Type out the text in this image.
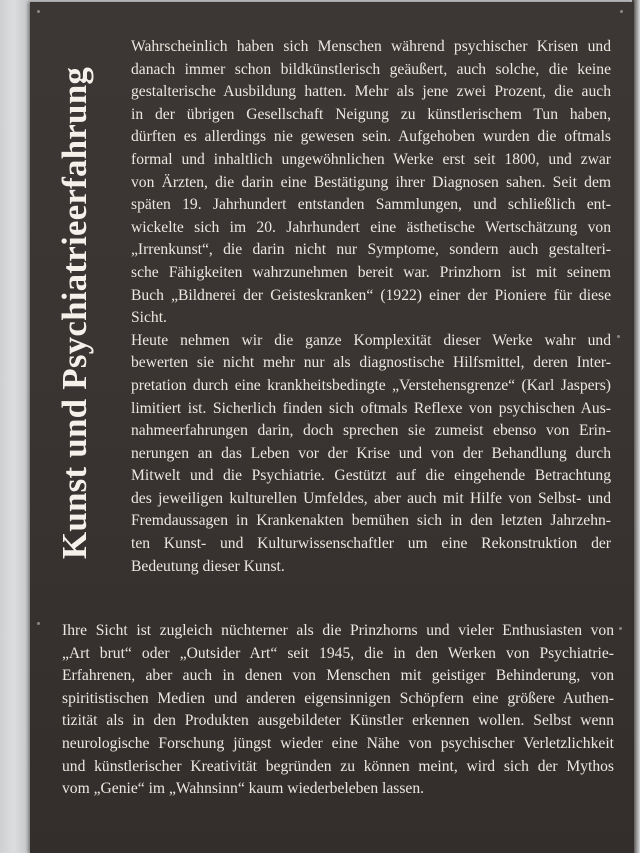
Kunst und Psychiatrieerfahrung
Wahrscheinlich haben sich Menschen während psychischer Krisen und
danach immer schon bildkünstlerisch geäußert, auch solche, die keine
gestalterische Ausbildung hatten. Mehr als jene zwei Prozent, die auch
in der übrigen Gesellschaft Neigung zu künstlerischem Tun haben,
dürften es allerdings nie gewesen sein. Aufgehoben wurden die oftmals
formal und inhaltlich ungewöhnlichen Werke erst seit 1800, und zwar
von Ärzten, die darin eine Bestätigung ihrer Diagnosen sahen. Seit dem
späten 19. Jahrhundert entstanden Sammlungen, und schließlich ent-
wickelte sich im 20. Jahrhundert eine ästhetische Wertschätzung von
„Irrenkunst“, die darin nicht nur Symptome, sondern auch gestalteri-
sche Fähigkeiten wahrzunehmen bereit war. Prinzhorn ist mit seinem
Buch „Bildnerei der Geisteskranken“ (1922) einer der Pioniere für diese
Sicht.
Heute nehmen wir die ganze Komplexität dieser Werke wahr und
bewerten sie nicht mehr nur als diagnostische Hilfsmittel, deren Inter-
pretation durch eine krankheitsbedingte „Verstehensgrenze“ (Karl Jaspers)
limitiert ist. Sicherlich finden sich oftmals Reflexe von psychischen Aus-
nahmeerfahrungen darin, doch sprechen sie zumeist ebenso von Erin-
nerungen an das Leben vor der Krise und von der Behandlung durch
Mitwelt und die Psychiatrie. Gestützt auf die eingehende Betrachtung
des jeweiligen kulturellen Umfeldes, aber auch mit Hilfe von Selbst- und
Fremdaussagen in Krankenakten bemühen sich in den letzten Jahrzehn-
ten Kunst- und Kulturwissenschaftler um eine Rekonstruktion der
Bedeutung dieser Kunst.
Ihre Sicht ist zugleich nüchterner als die Prinzhorns und vieler Enthusiasten von
„Art brut“ oder „Outsider Art“ seit 1945, die in den Werken von Psychiatrie-
Erfahrenen, aber auch in denen von Menschen mit geistiger Behinderung, von
spiritistischen Medien und anderen eigensinnigen Schöpfern eine größere Authen-
tizität als in den Produkten ausgebildeter Künstler erkennen wollen. Selbst wenn
neurologische Forschung jüngst wieder eine Nähe von psychischer Verletzlichkeit
und künstlerischer Kreativität begründen zu können meint, wird sich der Mythos
vom „Genie“ im „Wahnsinn“ kaum wiederbeleben lassen.
